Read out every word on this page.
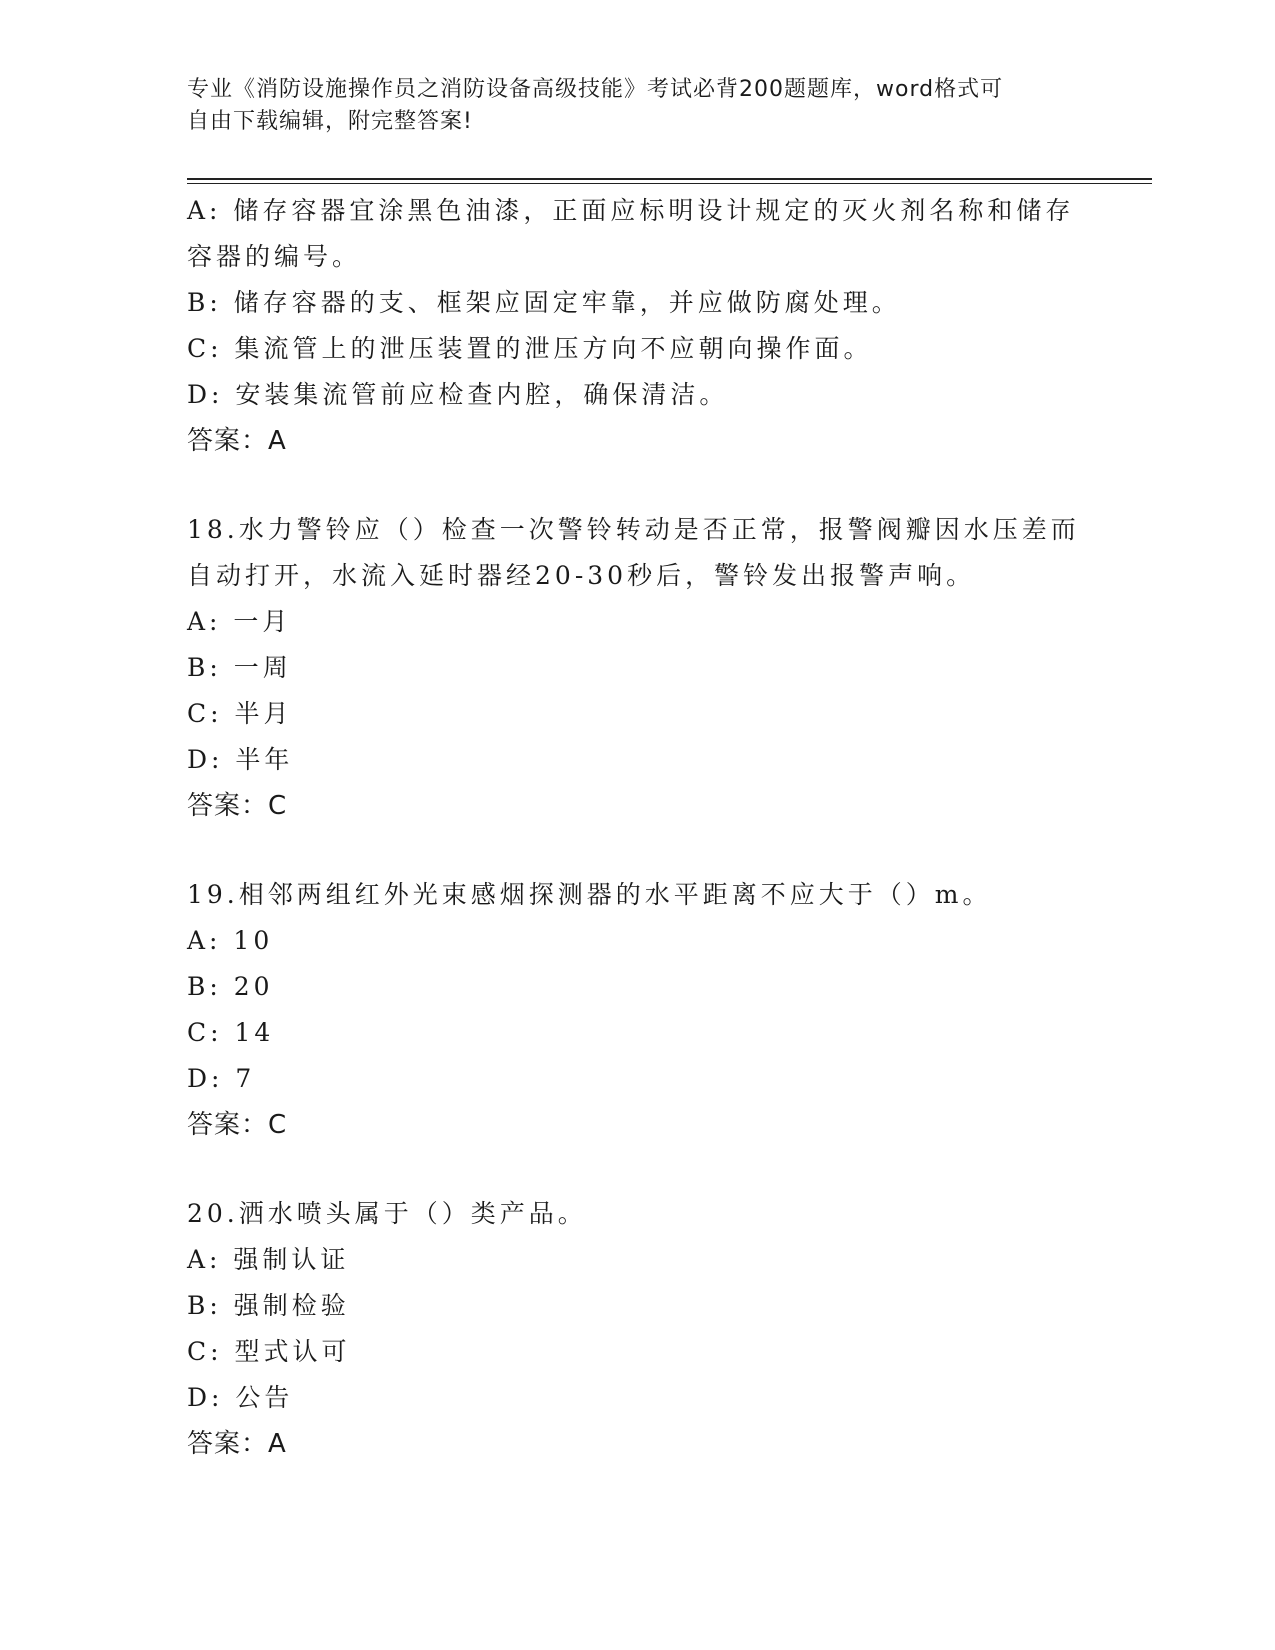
专业《消防设施操作员之消防设备高级技能》考试必背200题题库，word格式可
自由下载编辑，附完整答案!
A: 储存容器宜涂黑色油漆，正面应标明设计规定的灭火剂名称和储存
容器的编号。
B: 储存容器的支、框架应固定牢靠，并应做防腐处理。
C: 集流管上的泄压装置的泄压方向不应朝向操作面。
D: 安装集流管前应检查内腔，确保清洁。
答案：A
18.水力警铃应（）检查一次警铃转动是否正常，报警阀瓣因水压差而
自动打开，水流入延时器经20-30秒后，警铃发出报警声响。
A: 一月
B: 一周
C: 半月
D: 半年
答案：C
19.相邻两组红外光束感烟探测器的水平距离不应大于（）m。
A: 10
B: 20
C: 14
D: 7
答案：C
20.洒水喷头属于（）类产品。
A: 强制认证
B: 强制检验
C: 型式认可
D: 公告
答案：A
